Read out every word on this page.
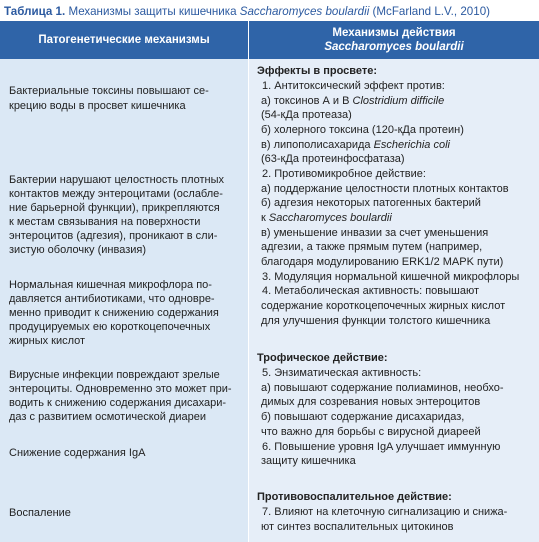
Таблица 1. Механизмы защиты кишечника Saccharomyces boulardii (McFarland L.V., 2010)
Патогенетические механизмы
Механизмы действия
Saccharomyces boulardii
Бактериальные токсины повышают се-
крецию воды в просвет кишечника
Бактерии нарушают целостность плотных
контактов между энтероцитами (ослабле-
ние барьерной функции), прикрепляются
к местам связывания на поверхности
энтероцитов (адгезия), проникают в сли-
зистую оболочку (инвазия)
Нормальная кишечная микрофлора по-
давляется антибиотиками, что одновре-
менно приводит к снижению содержания
продуцируемых ею короткоцепочечных
жирных кислот
Вирусные инфекции повреждают зрелые
энтероциты. Одновременно это может при-
водить к снижению содержания дисахари-
даз с развитием осмотической диареи
Снижение содержания IgA
Воспаление
Эффекты в просвете:
1. Антитоксический эффект против:
а) токсинов А и В Clostridium difficile
(54-кДа протеаза)
б) холерного токсина (120-кДа протеин)
в) липополисахарида Escherichia coli
(63-кДа протеинфосфатаза)
2. Противомикробное действие:
а) поддержание целостности плотных контактов
б) адгезия некоторых патогенных бактерий
к Saccharomyces boulardii
в) уменьшение инвазии за счет уменьшения
адгезии, а также прямым путем (например,
благодаря модулированию ERK1/2 MAPK пути)
3. Модуляция нормальной кишечной микрофлоры
4. Метаболическая активность: повышают
содержание короткоцепочечных жирных кислот
для улучшения функции толстого кишечника
Трофическое действие:
5. Энзиматическая активность:
а) повышают содержание полиаминов, необхо-
димых для созревания новых энтероцитов
б) повышают содержание дисахаридаз,
что важно для борьбы с вирусной диареей
6. Повышение уровня IgA улучшает иммунную
защиту кишечника
Противовоспалительное действие:
7. Влияют на клеточную сигнализацию и снижа-
ют синтез воспалительных цитокинов
